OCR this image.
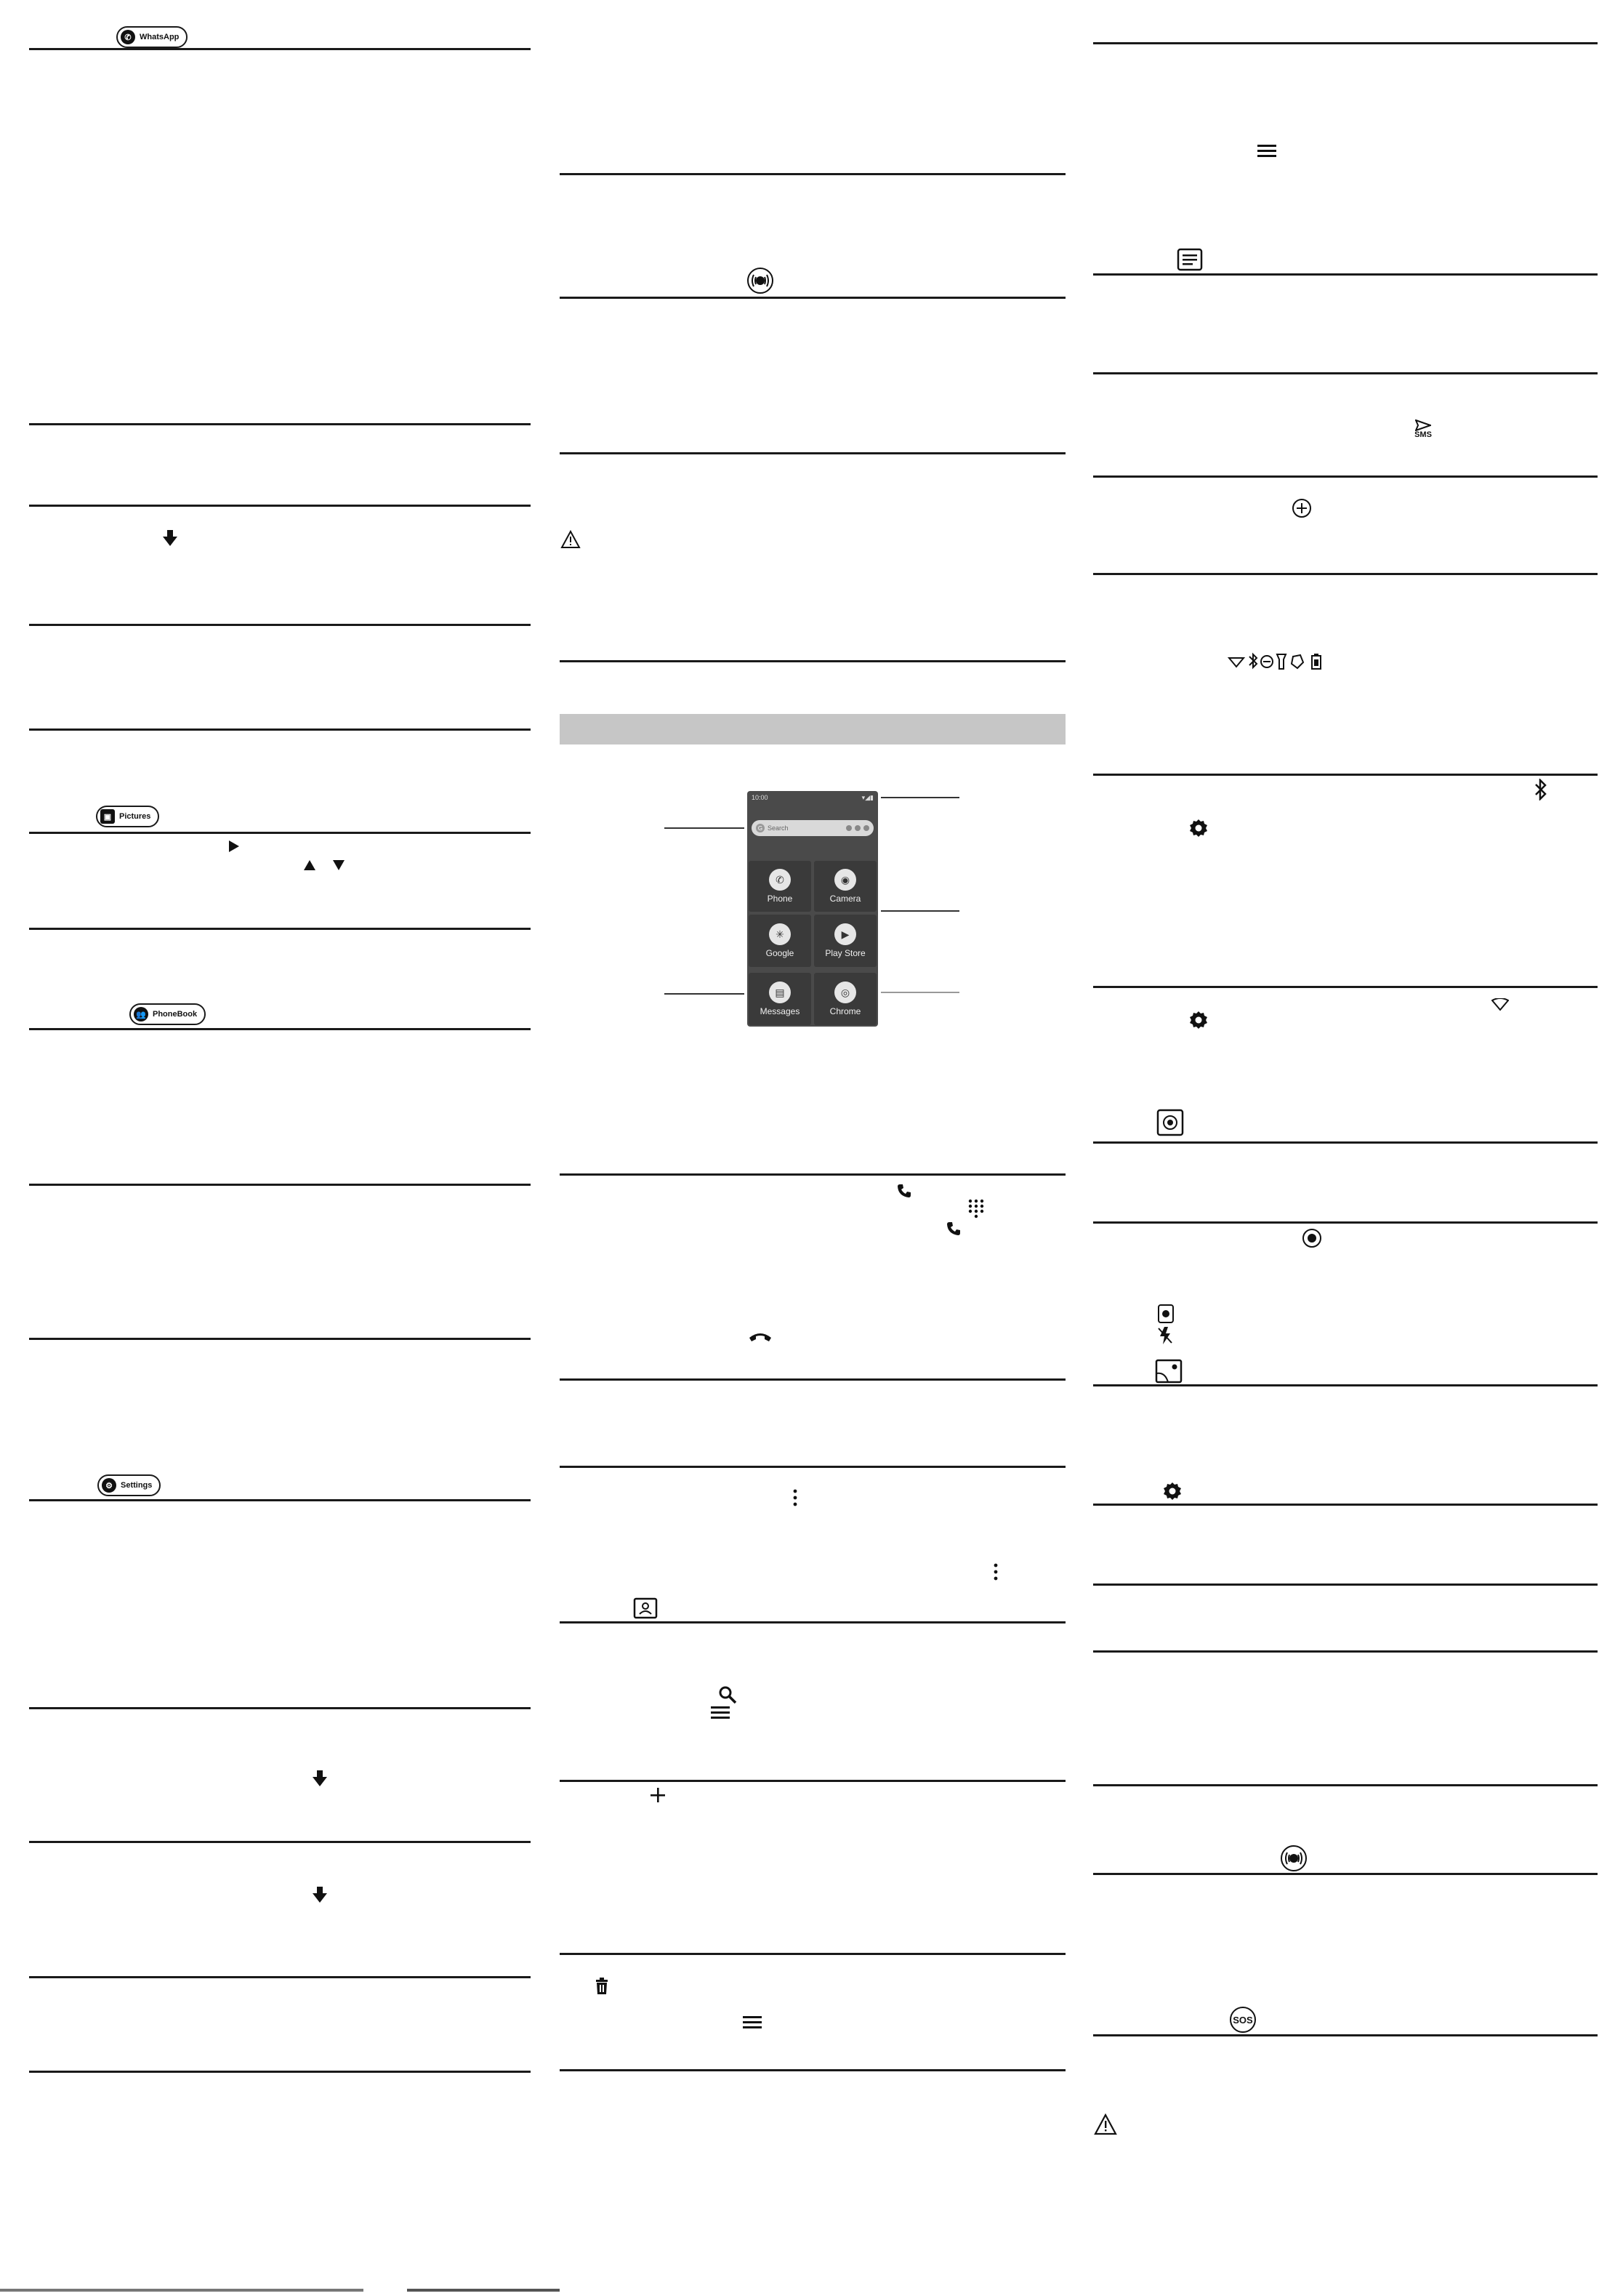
✆	WhatsApp
▣ Pictures
👥 PhoneBook
⚙	Settings
10:00	▾◢▮
G Search
✆
Phone
◉
Camera
✳
Google
▶
Play Store
▤
Messages
◎
Chrome
SMS
SOS
